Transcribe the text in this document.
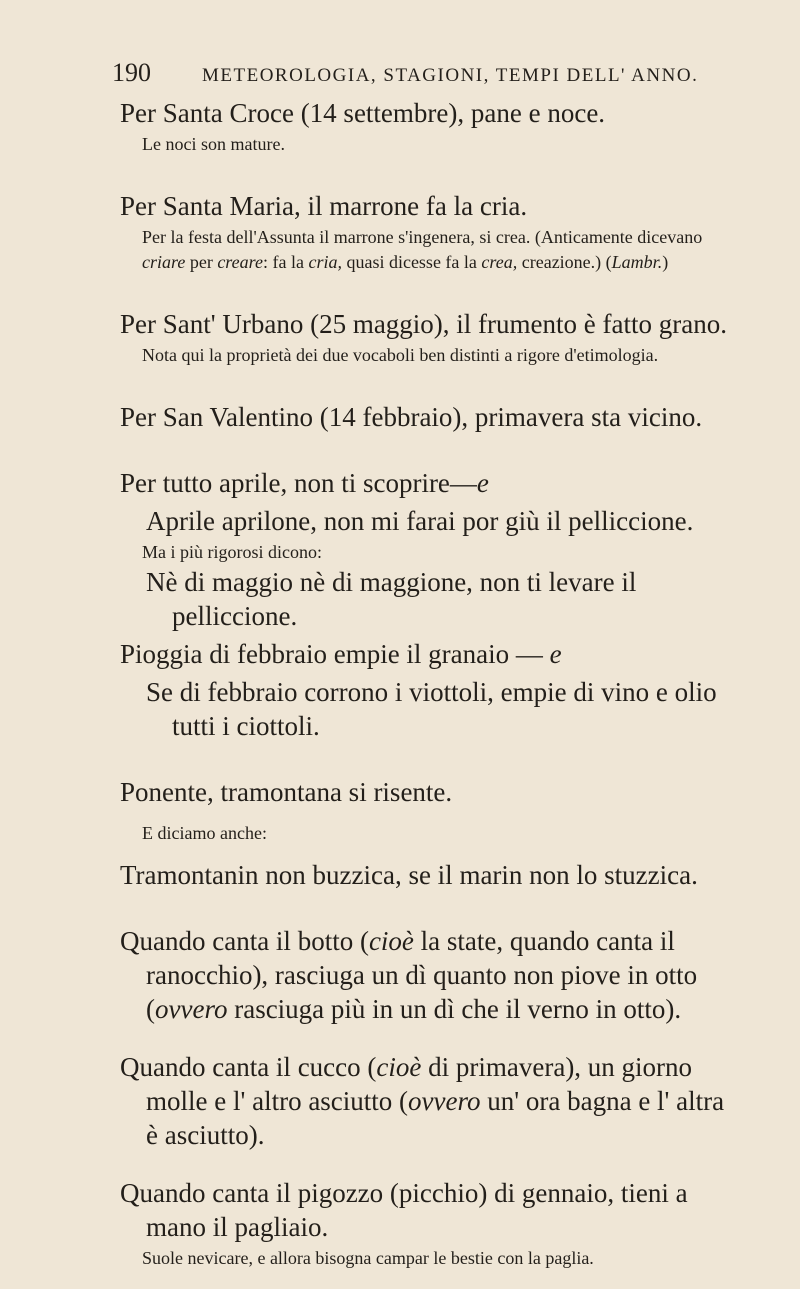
190	METEOROLOGIA, STAGIONI, TEMPI DELL' ANNO.

Per Santa Croce (14 settembre), pane e noce.

Le noci son mature.

Per Santa Maria, il marrone fa la cria.

Per la festa dell'Assunta il marrone s'ingenera, si crea. (Anticamente dicevano criare per creare: fa la cria, quasi dicesse fa la crea, creazione.) (Lambr.)

Per Sant' Urbano (25 maggio), il frumento è fatto grano.

Nota qui la proprietà dei due vocaboli ben distinti a rigore d'etimologia.

Per San Valentino (14 febbraio), primavera sta vicino.

Per tutto aprile, non ti scoprire—e

Aprile aprilone, non mi farai por giù il pelliccione.

Ma i più rigorosi dicono:

Nè di maggio nè di maggione, non ti levare il pelliccione.

Pioggia di febbraio empie il granaio — e

Se di febbraio corrono i viottoli, empie di vino e olio tutti i ciottoli.

Ponente, tramontana si risente.

E diciamo anche:

Tramontanin non buzzica, se il marin non lo stuzzica.

Quando canta il botto (cioè la state, quando canta il ranocchio), rasciuga un dì quanto non piove in otto (ovvero rasciuga più in un dì che il verno in otto).

Quando canta il cucco (cioè di primavera), un giorno molle e l' altro asciutto (ovvero un' ora bagna e l' altra è asciutto).

Quando canta il pigozzo (picchio) di gennaio, tieni a mano il pagliaio.

Suole nevicare, e allora bisogna campar le bestie con la paglia.
